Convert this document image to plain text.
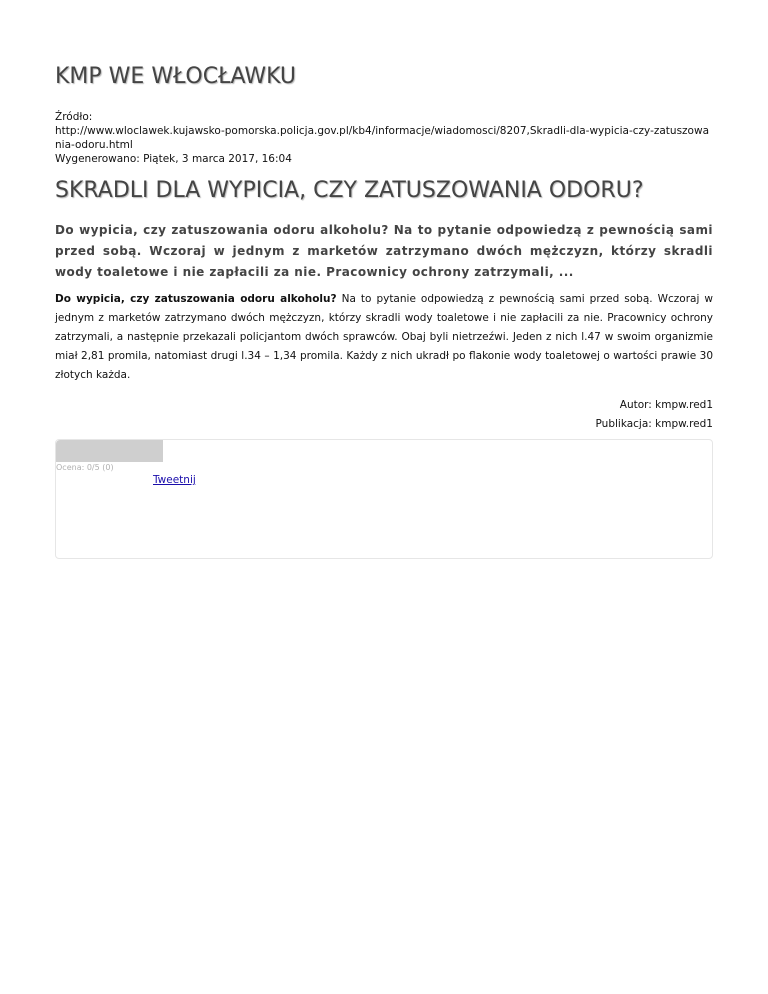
KMP WE WŁOCŁAWKU
Źródło:
http://www.wloclawek.kujawsko-pomorska.policja.gov.pl/kb4/informacje/wiadomosci/8207,Skradli-dla-wypicia-czy-zatuszowa
nia-odoru.html
Wygenerowano: Piątek, 3 marca 2017, 16:04
SKRADLI DLA WYPICIA, CZY ZATUSZOWANIA ODORU?
Do wypicia, czy zatuszowania odoru alkoholu? Na to pytanie odpowiedzą z pewnością sami przed sobą. Wczoraj w jednym z marketów zatrzymano dwóch mężczyzn, którzy skradli wody toaletowe i nie zapłacili za nie. Pracownicy ochrony zatrzymali, ...
Do wypicia, czy zatuszowania odoru alkoholu? Na to pytanie odpowiedzą z pewnością sami przed sobą. Wczoraj w jednym z marketów zatrzymano dwóch mężczyzn, którzy skradli wody toaletowe i nie zapłacili za nie. Pracownicy ochrony zatrzymali, a następnie przekazali policjantom dwóch sprawców. Obaj byli nietrzeźwi. Jeden z nich l.47 w swoim organizmie miał 2,81 promila, natomiast drugi l.34 – 1,34 promila. Każdy z nich ukradł po flakonie wody toaletowej o wartości prawie 30 złotych każda.
Autor: kmpw.red1
Publikacja: kmpw.red1
Ocena: 0/5 (0)
Tweetnij
